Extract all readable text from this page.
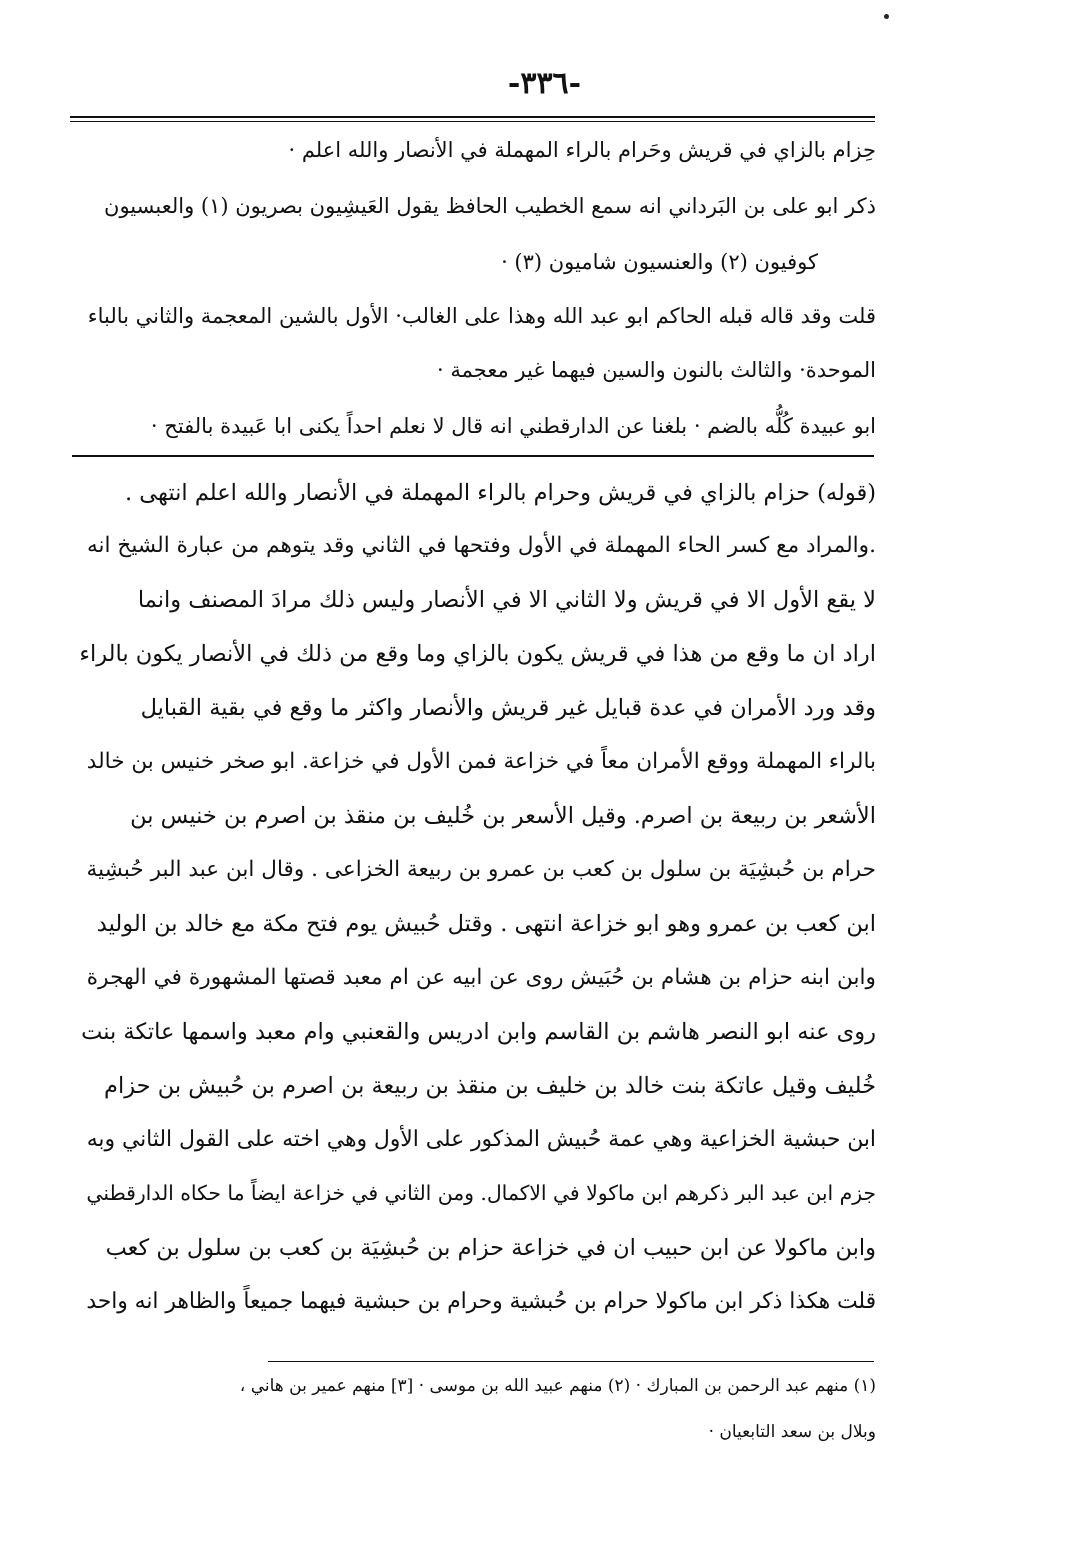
-٣٣٦-
حِزام بالزاي في قريش وحَرام بالراء المهملة في الأنصار والله اعلم ·
ذكر ابو على بن البَرداني انه سمع الخطيب الحافظ يقول العَيشِيون بصريون (١) والعبسيون
كوفيون (٢) والعنسيون شاميون (٣) ·
قلت وقد قاله قبله الحاكم ابو عبد الله وهذا على الغالب· الأول بالشين المعجمة والثاني بالباء
الموحدة· والثالث بالنون والسين فيهما غير معجمة ·
ابو عبيدة كُلُّه بالضم · بلغنا عن الدارقطني انه قال لا نعلم احداً يكنى ابا عَبيدة بالفتح ·
(قوله) حزام بالزاي في قريش وحرام بالراء المهملة في الأنصار والله اعلم انتهى .
.والمراد مع كسر الحاء المهملة في الأول وفتحها في الثاني وقد يتوهم من عبارة الشيخ انه
لا يقع الأول الا في قريش ولا الثاني الا في الأنصار وليس ذلك مرادَ المصنف وانما
اراد ان ما وقع من هذا في قريش يكون بالزاي وما وقع من ذلك في الأنصار يكون بالراء
وقد ورد الأمران في عدة قبايل غير قريش والأنصار واكثر ما وقع في بقية القبايل
بالراء المهملة ووقع الأمران معاً في خزاعة فمن الأول في خزاعة. ابو صخر خنيس بن خالد
الأشعر بن ربيعة بن اصرم. وقيل الأسعر بن خُليف بن منقذ بن اصرم بن خنيس بن
حرام بن حُبشِيَة بن سلول بن كعب بن عمرو بن ربيعة الخزاعى . وقال ابن عبد البر حُبشِية
ابن كعب بن عمرو وهو ابو خزاعة انتهى . وقتل حُبيش يوم فتح مكة مع خالد بن الوليد
وابن ابنه حزام بن هشام بن حُبَيش روى عن ابيه عن ام معبد قصتها المشهورة في الهجرة
روى عنه ابو النصر هاشم بن القاسم وابن ادريس والقعنبي وام معبد واسمها عاتكة بنت
خُليف وقيل عاتكة بنت خالد بن خليف بن منقذ بن ربيعة بن اصرم بن حُبيش بن حزام
ابن حبشية الخزاعية وهي عمة حُبيش المذكور على الأول وهي اخته على القول الثاني وبه
جزم ابن عبد البر ذكرهم ابن ماكولا في الاكمال. ومن الثاني في خزاعة ايضاً ما حكاه الدارقطني
وابن ماكولا عن ابن حبيب ان في خزاعة حزام بن حُبشِيَة بن كعب بن سلول بن كعب
قلت هكذا ذكر ابن ماكولا حرام بن حُبشية وحرام بن حبشية فيهما جميعاً والظاهر انه واحد
(١) منهم عبد الرحمن بن المبارك · (٢) منهم عبيد الله بن موسى · [٣] منهم عمير بن هاني ،
وبلال بن سعد التابعيان ·
